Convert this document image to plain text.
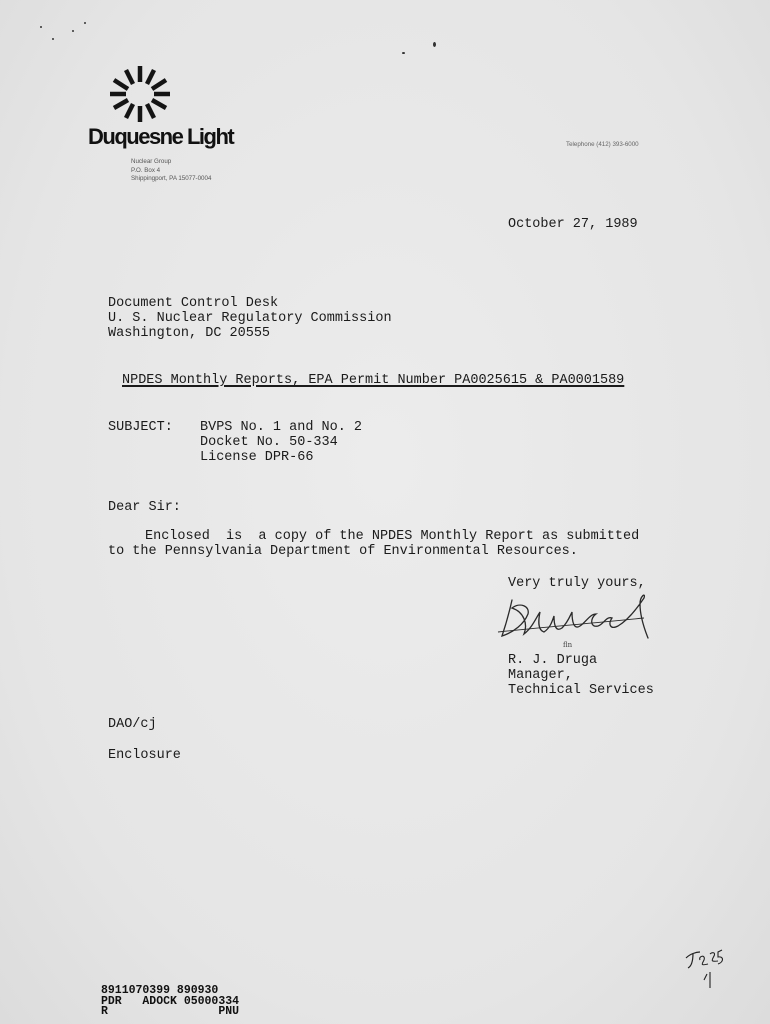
Duquesne Light
Nuclear Group
P.O. Box 4
Shippingport, PA 15077-0004
Telephone (412) 393-6000
October 27, 1989
Document Control Desk
U. S. Nuclear Regulatory Commission
Washington, DC 20555
NPDES Monthly Reports, EPA Permit Number PA0025615 & PA0001589
SUBJECT: BVPS No. 1 and No. 2
Docket No. 50-334
License DPR-66
Dear Sir:
Enclosed  is  a copy of the NPDES Monthly Report as submitted
to the Pennsylvania Department of Environmental Resources.
Very truly yours,
fln
R. J. Druga
Manager,
Technical Services
DAO/cj
Enclosure
8911070399 890930
PDR   ADOCK 05000334
R                PNU
